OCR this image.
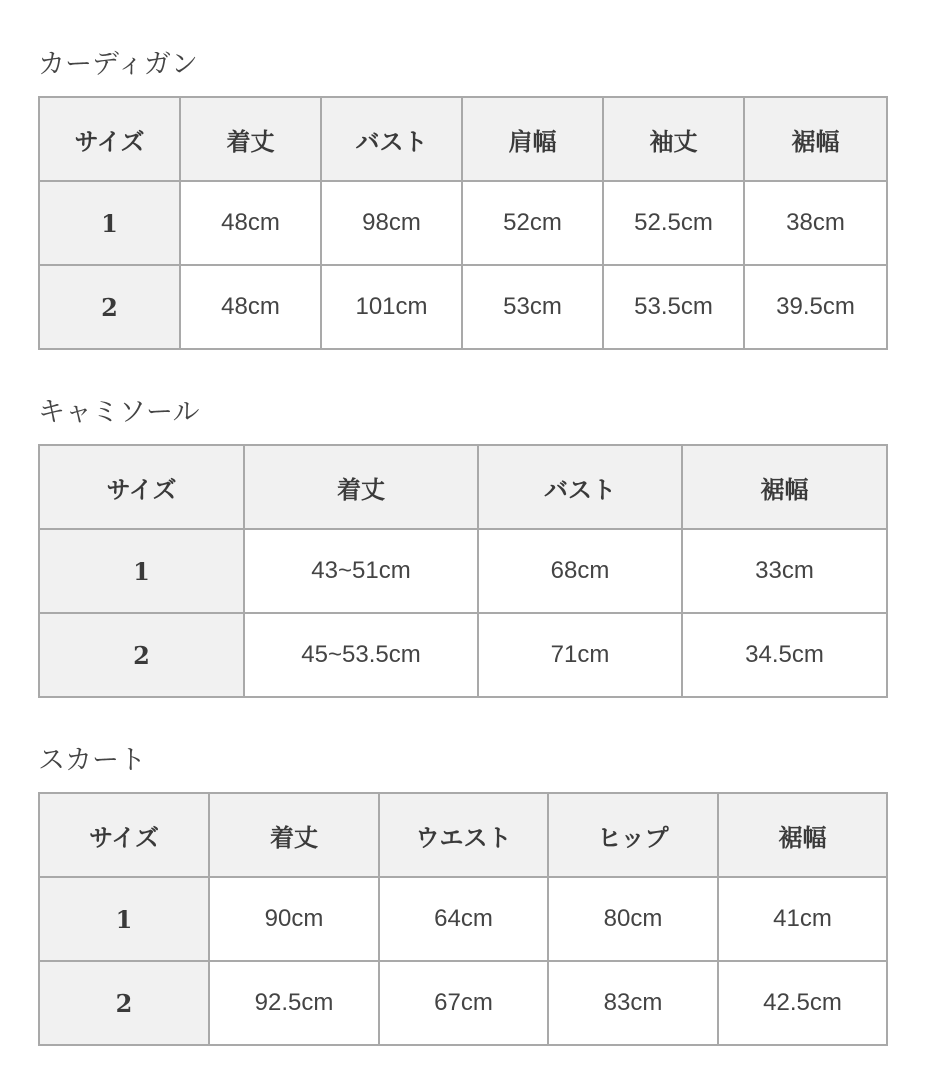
カーディガン
サイズ	着丈	バスト	肩幅	袖丈	裾幅
1	48cm	98cm	52cm	52.5cm	38cm
2	48cm	101cm	53cm	53.5cm	39.5cm
キャミソール
サイズ	着丈	バスト	裾幅
1	43~51cm	68cm	33cm
2	45~53.5cm	71cm	34.5cm
スカート
サイズ	着丈	ウエスト	ヒップ	裾幅
1	90cm	64cm	80cm	41cm
2	92.5cm	67cm	83cm	42.5cm
